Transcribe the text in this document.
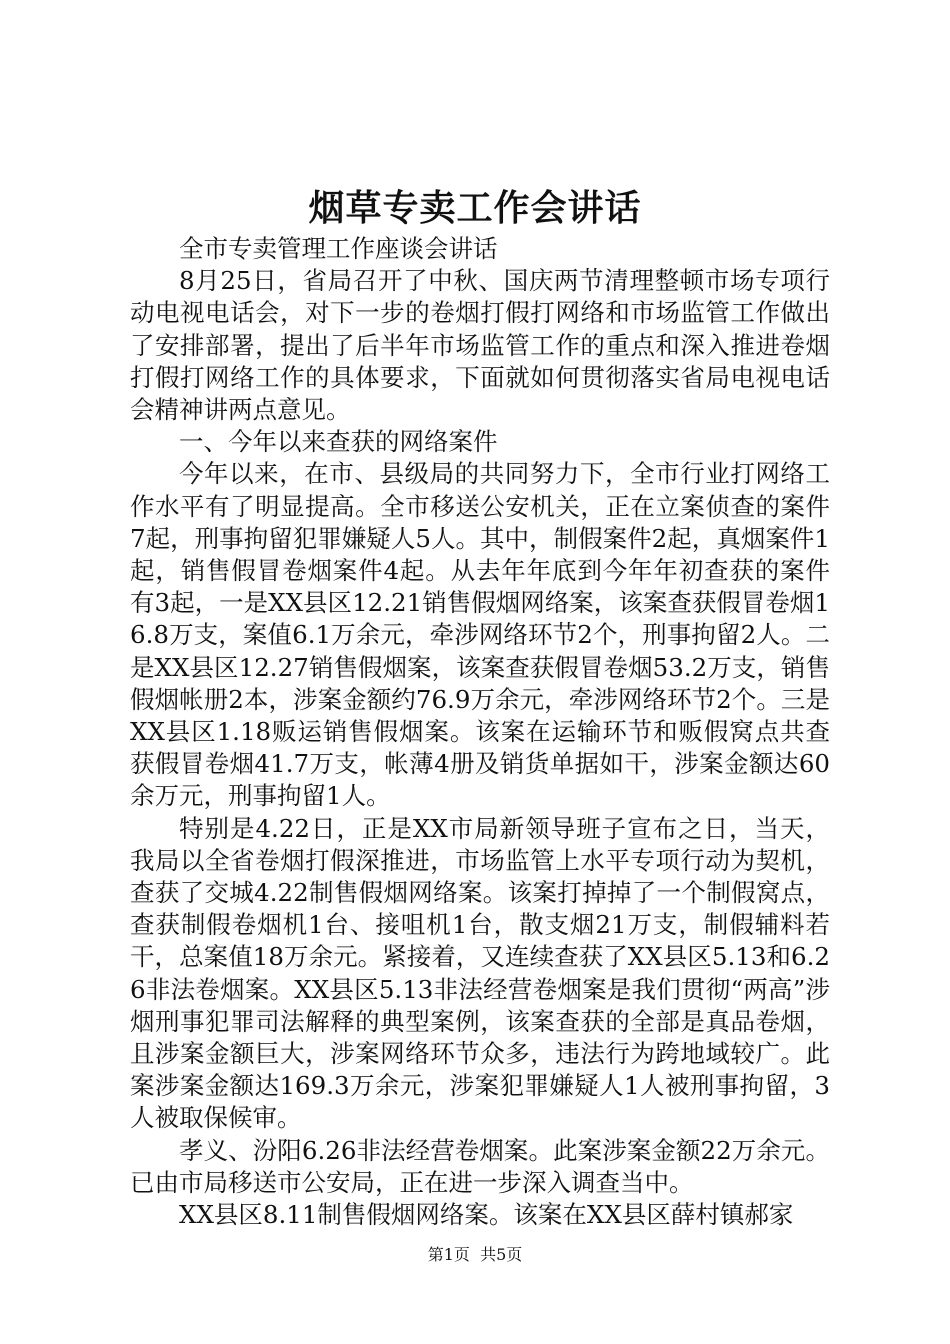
烟草专卖工作会讲话

全市专卖管理工作座谈会讲话

8月25日，省局召开了中秋、国庆两节清理整顿市场专项行动电视电话会，对下一步的卷烟打假打网络和市场监管工作做出了安排部署，提出了后半年市场监管工作的重点和深入推进卷烟打假打网络工作的具体要求，下面就如何贯彻落实省局电视电话会精神讲两点意见。

一、今年以来查获的网络案件

今年以来，在市、县级局的共同努力下，全市行业打网络工作水平有了明显提高。全市移送公安机关，正在立案侦查的案件7起，刑事拘留犯罪嫌疑人5人。其中，制假案件2起，真烟案件1起，销售假冒卷烟案件4起。从去年年底到今年年初查获的案件有3起，一是XX县区12.21销售假烟网络案，该案查获假冒卷烟16.8万支，案值6.1万余元，牵涉网络环节2个，刑事拘留2人。二是XX县区12.27销售假烟案，该案查获假冒卷烟53.2万支，销售假烟帐册2本，涉案金额约76.9万余元，牵涉网络环节2个。三是XX县区1.18贩运销售假烟案。该案在运输环节和贩假窝点共查获假冒卷烟41.7万支，帐薄4册及销货单据如干，涉案金额达60余万元，刑事拘留1人。

特别是4.22日，正是XX市局新领导班子宣布之日，当天，我局以全省卷烟打假深推进，市场监管上水平专项行动为契机，查获了交城4.22制售假烟网络案。该案打掉掉了一个制假窝点，查获制假卷烟机1台、接咀机1台，散支烟21万支，制假辅料若干，总案值18万余元。紧接着，又连续查获了XX县区5.13和6.26非法卷烟案。XX县区5.13非法经营卷烟案是我们贯彻“两高”涉烟刑事犯罪司法解释的典型案例，该案查获的全部是真品卷烟，且涉案金额巨大，涉案网络环节众多，违法行为跨地域较广。此案涉案金额达169.3万余元，涉案犯罪嫌疑人1人被刑事拘留，3人被取保候审。

孝义、汾阳6.26非法经营卷烟案。此案涉案金额22万余元。已由市局移送市公安局，正在进一步深入调查当中。

XX县区8.11制售假烟网络案。该案在XX县区薛村镇郝家

第1页  共5页
